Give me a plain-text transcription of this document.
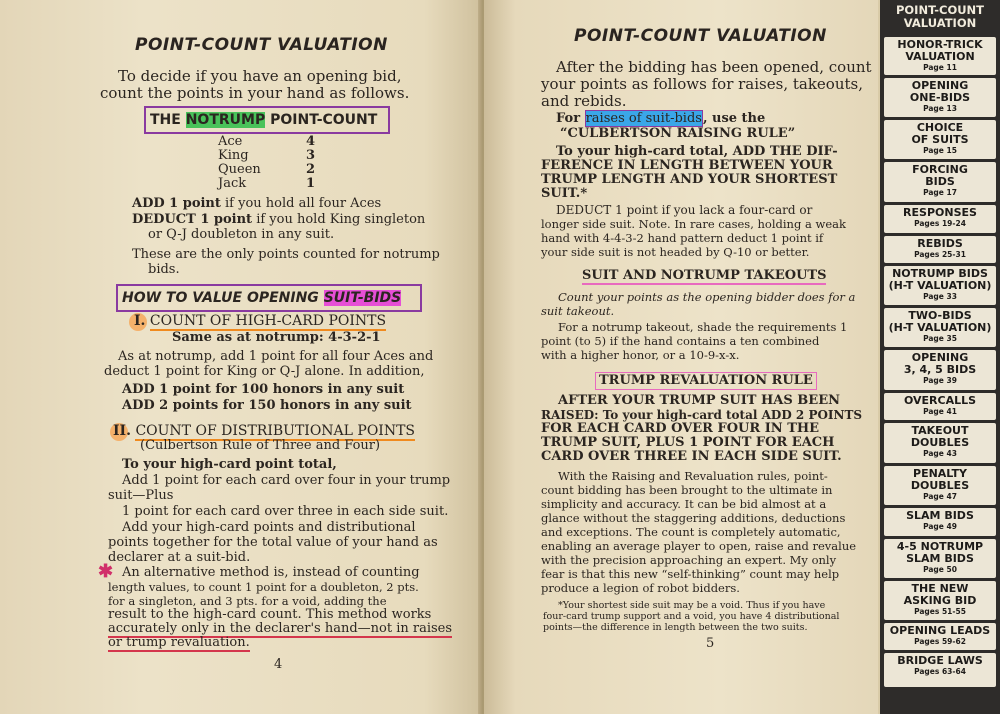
POINT-COUNT VALUATION
To decide if you have an opening bid,
count the points in your hand as follows.
THE NOTRUMP POINT-COUNT
Ace	4
King	3
Queen	2
Jack	1
ADD 1 point if you hold all four Aces
DEDUCT 1 point if you hold King singleton
or Q-J doubleton in any suit.
These are the only points counted for notrump
bids.
HOW TO VALUE OPENING SUIT-BIDS
I. COUNT OF HIGH-CARD POINTS
Same as at notrump: 4-3-2-1
As at notrump, add 1 point for all four Aces and
deduct 1 point for King or Q-J alone. In addition,
ADD 1 point for 100 honors in any suit
ADD 2 points for 150 honors in any suit
II. COUNT OF DISTRIBUTIONAL POINTS
(Culbertson Rule of Three and Four)
To your high-card point total,
Add 1 point for each card over four in your trump
suit—Plus
1 point for each card over three in each side suit.
Add your high-card points and distributional
points together for the total value of your hand as
declarer at a suit-bid.
✱ An alternative method is, instead of counting
length values, to count 1 point for a doubleton, 2 pts.
for a singleton, and 3 pts. for a void, adding the
result to the high-card count. This method works
accurately only in the declarer's hand—not in raises
or trump revaluation.
4
POINT-COUNT VALUATION
After the bidding has been opened, count
your points as follows for raises, takeouts,
and rebids.
For raises of suit-bids, use the
“CULBERTSON RAISING RULE”
To your high-card total, ADD THE DIF-
FERENCE IN LENGTH BETWEEN YOUR
TRUMP LENGTH AND YOUR SHORTEST
SUIT.*
DEDUCT 1 point if you lack a four-card or
longer side suit. Note. In rare cases, holding a weak
hand with 4-4-3-2 hand pattern deduct 1 point if
your side suit is not headed by Q-10 or better.
SUIT AND NOTRUMP TAKEOUTS
Count your points as the opening bidder does for a
suit takeout.
For a notrump takeout, shade the requirements 1
point (to 5) if the hand contains a ten combined
with a higher honor, or a 10-9-x-x.
TRUMP REVALUATION RULE
AFTER YOUR TRUMP SUIT HAS BEEN
RAISED: To your high-card total ADD 2 POINTS
FOR EACH CARD OVER FOUR IN THE
TRUMP SUIT, PLUS 1 POINT FOR EACH
CARD OVER THREE IN EACH SIDE SUIT.
With the Raising and Revaluation rules, point-
count bidding has been brought to the ultimate in
simplicity and accuracy. It can be bid almost at a
glance without the staggering additions, deductions
and exceptions. The count is completely automatic,
enabling an average player to open, raise and revalue
with the precision approaching an expert. My only
fear is that this new “self-thinking” count may help
produce a legion of robot bidders.
*Your shortest side suit may be a void. Thus if you have
four-card trump support and a void, you have 4 distributional
points—the difference in length between the two suits.
5
POINT-COUNT
VALUATION
HONOR-TRICK
VALUATION
Page 11
OPENING
ONE-BIDS
Page 13
CHOICE
OF SUITS
Page 15
FORCING
BIDS
Page 17
RESPONSES
Pages 19-24
REBIDS
Pages 25-31
NOTRUMP BIDS
(H-T VALUATION)
Page 33
TWO-BIDS
(H-T VALUATION)
Page 35
OPENING
3, 4, 5 BIDS
Page 39
OVERCALLS
Page 41
TAKEOUT
DOUBLES
Page 43
PENALTY
DOUBLES
Page 47
SLAM BIDS
Page 49
4-5 NOTRUMP
SLAM BIDS
Page 50
THE NEW
ASKING BID
Pages 51-55
OPENING LEADS
Pages 59-62
BRIDGE LAWS
Pages 63-64
